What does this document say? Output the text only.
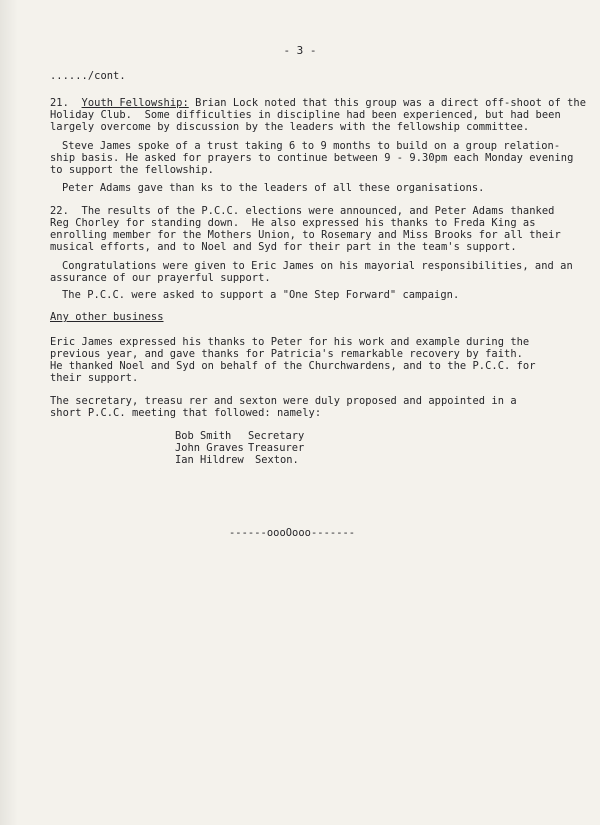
- 3 -
....../cont.
21. Youth Fellowship: Brian Lock noted that this group was a direct off-shoot of the
Holiday Club.  Some difficulties in discipline had been experienced, but had been
largely overcome by discussion by the leaders with the fellowship committee.
Steve James spoke of a trust taking 6 to 9 months to build on a group relation-
ship basis. He asked for prayers to continue between 9 - 9.30pm each Monday evening
to support the fellowship.
Peter Adams gave than ks to the leaders of all these organisations.
22.  The results of the P.C.C. elections were announced, and Peter Adams thanked
Reg Chorley for standing down.  He also expressed his thanks to Freda King as
enrolling member for the Mothers Union, to Rosemary and Miss Brooks for all their
musical efforts, and to Noel and Syd for their part in the team's support.
Congratulations were given to Eric James on his mayorial responsibilities, and an
assurance of our prayerful support.
The P.C.C. were asked to support a "One Step Forward" campaign.
Any other business
Eric James expressed his thanks to Peter for his work and example during the
previous year, and gave thanks for Patricia's remarkable recovery by faith.
He thanked Noel and Syd on behalf of the Churchwardens, and to the P.C.C. for
their support.
The secretary, treasu rer and sexton were duly proposed and appointed in a
short P.C.C. meeting that followed: namely:
Bob Smith Secretary
John Graves Treasurer
Ian Hildrew Sexton.
------oooOooo-------
